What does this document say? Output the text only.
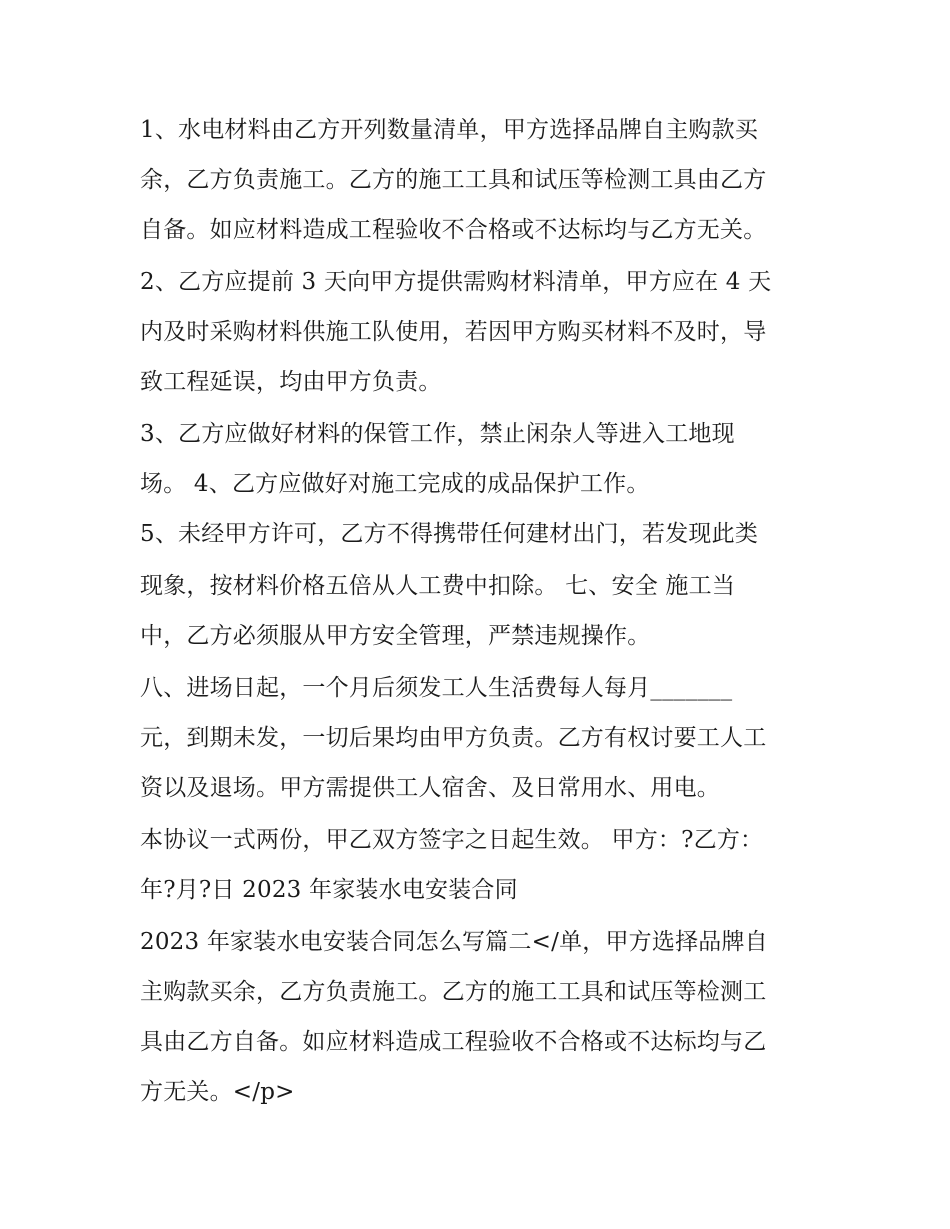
1、水电材料由乙方开列数量清单，甲方选择品牌自主购款买
余，乙方负责施工。乙方的施工工具和试压等检测工具由乙方
自备。如应材料造成工程验收不合格或不达标均与乙方无关。
2、乙方应提前 3 天向甲方提供需购材料清单，甲方应在 4 天
内及时采购材料供施工队使用，若因甲方购买材料不及时，导
致工程延误，均由甲方负责。
3、乙方应做好材料的保管工作，禁止闲杂人等进入工地现
场。 4、乙方应做好对施工完成的成品保护工作。
5、未经甲方许可，乙方不得携带任何建材出门，若发现此类
现象，按材料价格五倍从人工费中扣除。 七、安全 施工当
中，乙方必须服从甲方安全管理，严禁违规操作。
八、进场日起，一个月后须发工人生活费每人每月_______
元，到期未发，一切后果均由甲方负责。乙方有权讨要工人工
资以及退场。甲方需提供工人宿舍、及日常用水、用电。
本协议一式两份，甲乙双方签字之日起生效。 甲方：?乙方：
年?月?日 2023 年家装水电安装合同
2023 年家装水电安装合同怎么写篇二</单，甲方选择品牌自
主购款买余，乙方负责施工。乙方的施工工具和试压等检测工
具由乙方自备。如应材料造成工程验收不合格或不达标均与乙
方无关。</p>
